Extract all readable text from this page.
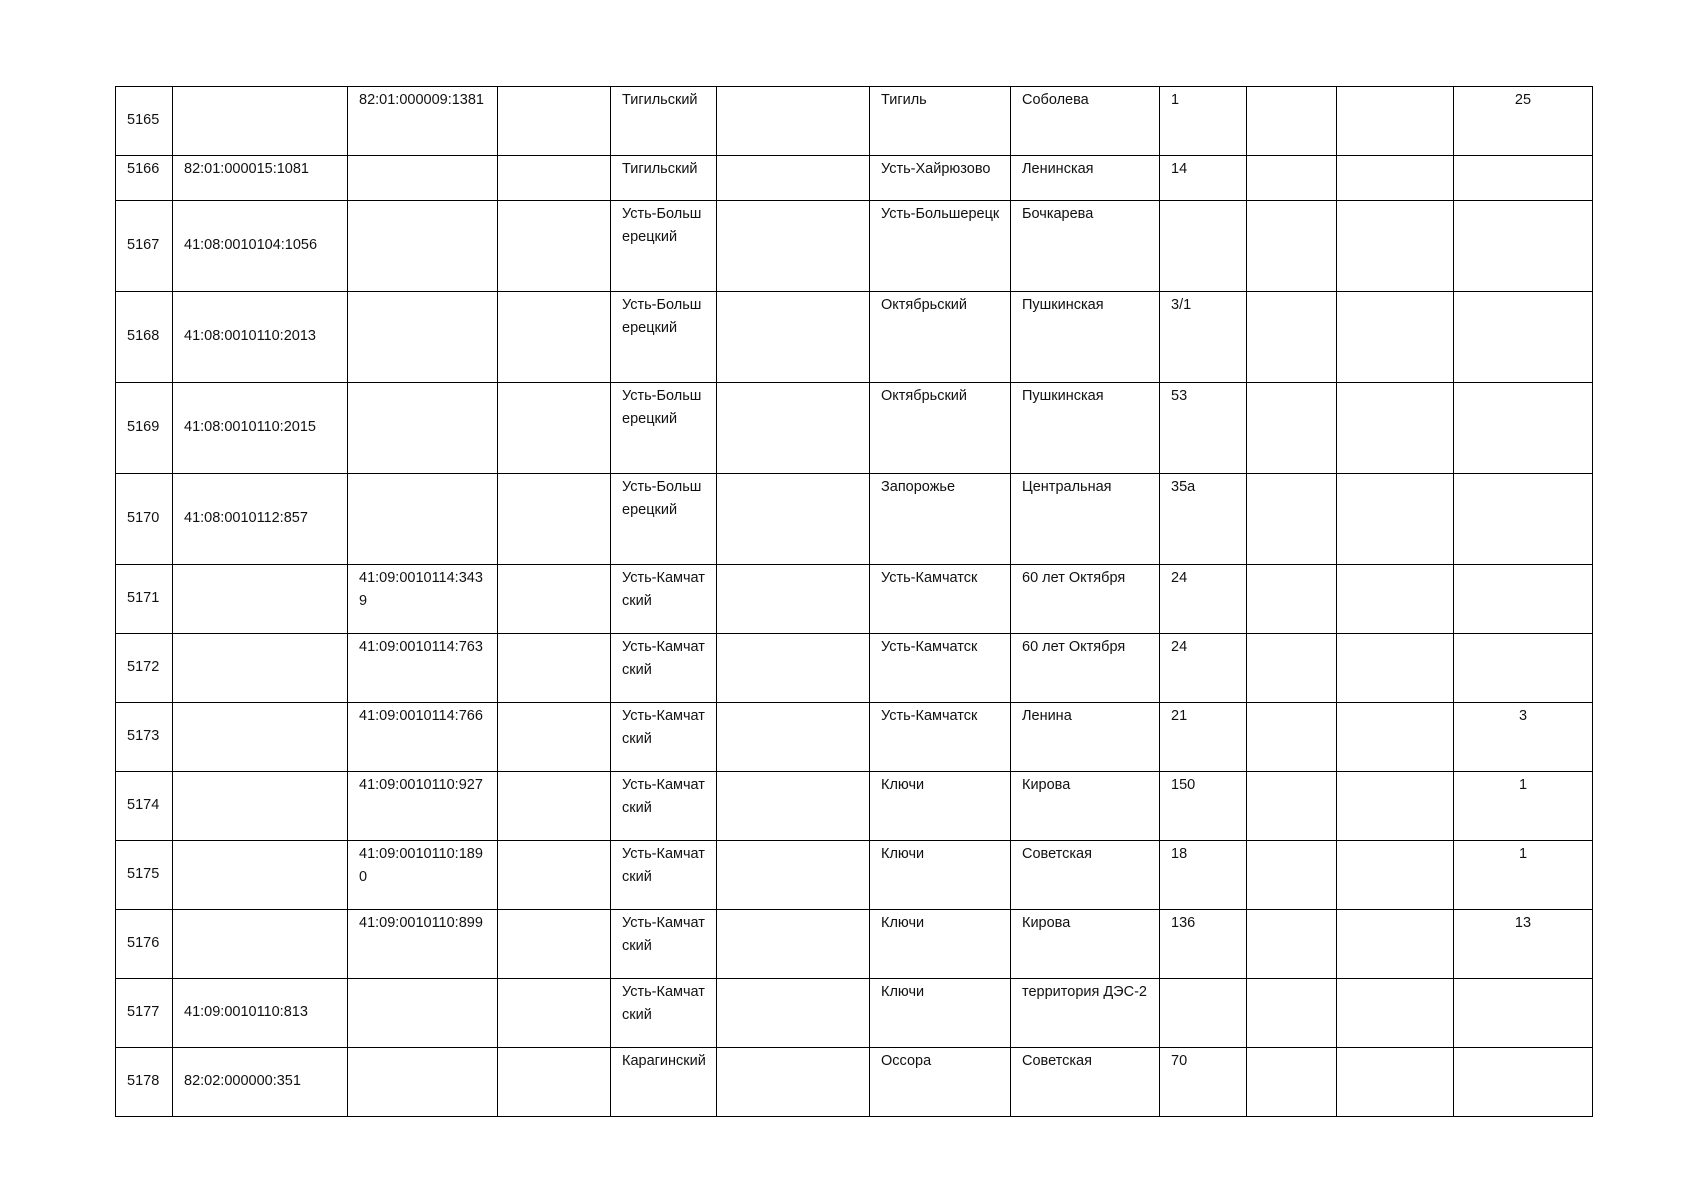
5165		82:01:000009:1381		Тигильский		Тигиль	Соболева	1			25
5166	82:01:000015:1081			Тигильский		Усть-Хайрюзово	Ленинская	14			
5167	41:08:0010104:1056			Усть-Большерецкий		Усть-Большерецк	Бочкарева				
5168	41:08:0010110:2013			Усть-Большерецкий		Октябрьский	Пушкинская	3/1			
5169	41:08:0010110:2015			Усть-Большерецкий		Октябрьский	Пушкинская	53			
5170	41:08:0010112:857			Усть-Большерецкий		Запорожье	Центральная	35а			
5171		41:09:0010114:3439		Усть-Камчатский		Усть-Камчатск	60 лет Октября	24			
5172		41:09:0010114:763		Усть-Камчатский		Усть-Камчатск	60 лет Октября	24			
5173		41:09:0010114:766		Усть-Камчатский		Усть-Камчатск	Ленина	21			3
5174		41:09:0010110:927		Усть-Камчатский		Ключи	Кирова	150			1
5175		41:09:0010110:1890		Усть-Камчатский		Ключи	Советская	18			1
5176		41:09:0010110:899		Усть-Камчатский		Ключи	Кирова	136			13
5177	41:09:0010110:813			Усть-Камчатский		Ключи	территория ДЭС-2				
5178	82:02:000000:351			Карагинский		Оссора	Советская	70			
